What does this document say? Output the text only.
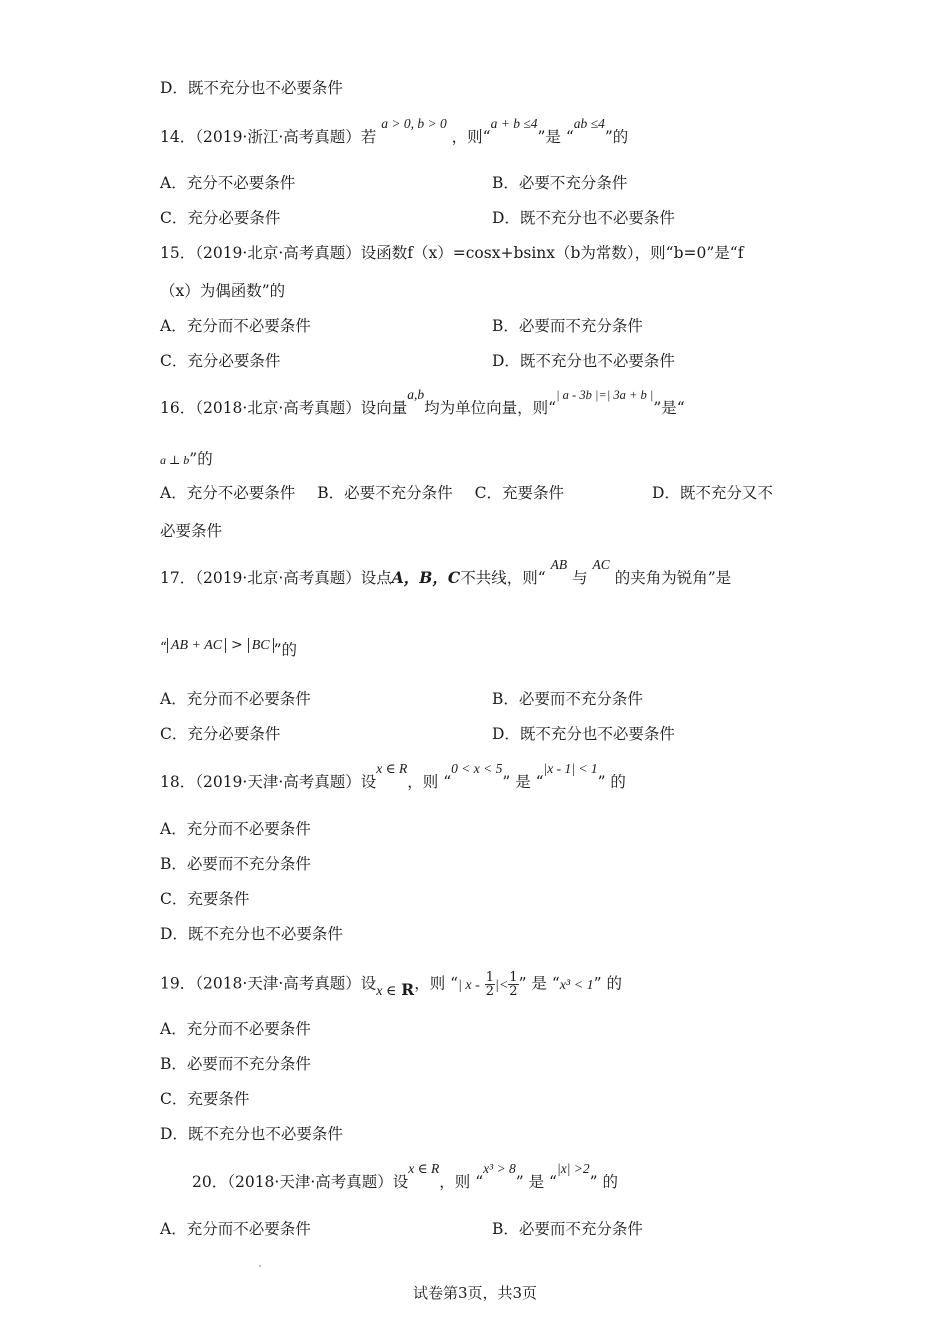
D．既不充分也不必要条件
14．（2019·浙江·高考真题）若 a > 0, b > 0 ，则“a + b ≤4”是 “ab ≤4”的
A．充分不必要条件	B．必要不充分条件
C．充分必要条件	D．既不充分也不必要条件
15．（2019·北京·高考真题）设函数f（x）=cosx+bsinx（b为常数），则“b=0”是“f
（x）为偶函数”的
A．充分而不必要条件	B．必要而不充分条件
C．充分必要条件	D．既不充分也不必要条件
16．（2018·北京·高考真题）设向量a,b均为单位向量，则“$^{| a - 3b |=| 3a + b |}$”是“
a ⊥ b”的
A．充分不必要条件 B．必要不充分条件 C．充要条件	D．既不充分又不
必要条件
17．（2019·北京·高考真题）设点A，B，C不共线，则“ AB 与 AC 的夹角为锐角”是
“ AB + AC > BC ”的
A．充分而不必要条件	B．必要而不充分条件
C．充分必要条件	D．既不充分也不必要条件
18．（2019·天津·高考真题）设x ∈ R，则 “0 < x < 5” 是 “|x - 1| < 1” 的
A．充分而不必要条件
B．必要而不充分条件
C．充要条件
D．既不充分也不必要条件
19．（2018·天津·高考真题）设x ∈ R，则 “| x - $\frac{1}{2}$ |< $\frac{1}{2}$ ” 是 “x³ < 1” 的
A．充分而不必要条件
B．必要而不充分条件
C．充要条件
D．既不充分也不必要条件
20．（2018·天津·高考真题）设x ∈ R，则 “x³ > 8” 是 “|x| >2” 的
A．充分而不必要条件	B．必要而不充分条件
试卷第3页，共3页
